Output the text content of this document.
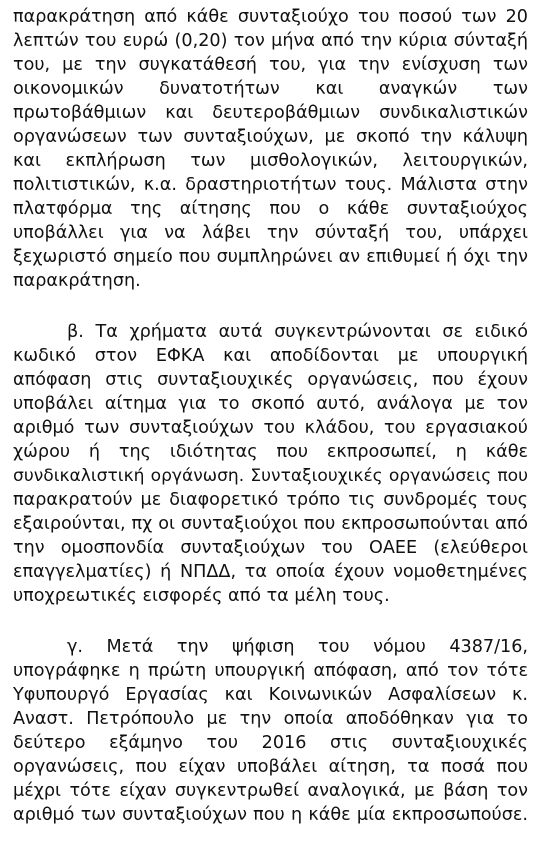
παρακράτηση από κάθε συνταξιούχο του ποσού των 20
λεπτών του ευρώ (0,20) τον μήνα από την κύρια σύνταξή
του, με την συγκατάθεσή του, για την ενίσχυση των
οικονομικών δυνατοτήτων και αναγκών των
πρωτοβάθμιων και δευτεροβάθμιων συνδικαλιστικών
οργανώσεων των συνταξιούχων, με σκοπό την κάλυψη
και εκπλήρωση των μισθολογικών, λειτουργικών,
πολιτιστικών, κ.α. δραστηριοτήτων τους. Μάλιστα στην
πλατφόρμα της αίτησης που ο κάθε συνταξιούχος
υποβάλλει για να λάβει την σύνταξή του, υπάρχει
ξεχωριστό σημείο που συμπληρώνει αν επιθυμεί ή όχι την
παρακράτηση.
β. Τα χρήματα αυτά συγκεντρώνονται σε ειδικό
κωδικό στον ΕΦΚΑ και αποδίδονται με υπουργική
απόφαση στις συνταξιουχικές οργανώσεις, που έχουν
υποβάλει αίτημα για το σκοπό αυτό, ανάλογα με τον
αριθμό των συνταξιούχων του κλάδου, του εργασιακού
χώρου ή της ιδιότητας που εκπροσωπεί, η κάθε
συνδικαλιστική οργάνωση. Συνταξιουχικές οργανώσεις που
παρακρατούν με διαφορετικό τρόπο τις συνδρομές τους
εξαιρούνται, πχ οι συνταξιούχοι που εκπροσωπούνται από
την ομοσπονδία συνταξιούχων του ΟΑΕΕ (ελεύθεροι
επαγγελματίες) ή ΝΠΔΔ, τα οποία έχουν νομοθετημένες
υποχρεωτικές εισφορές από τα μέλη τους.
γ. Μετά την ψήφιση του νόμου 4387/16,
υπογράφηκε η πρώτη υπουργική απόφαση, από τον τότε
Υφυπουργό Εργασίας και Κοινωνικών Ασφαλίσεων κ.
Αναστ. Πετρόπουλο με την οποία αποδόθηκαν για το
δεύτερο εξάμηνο του 2016 στις συνταξιουχικές
οργανώσεις, που είχαν υποβάλει αίτηση, τα ποσά που
μέχρι τότε είχαν συγκεντρωθεί αναλογικά, με βάση τον
αριθμό των συνταξιούχων που η κάθε μία εκπροσωπούσε.
